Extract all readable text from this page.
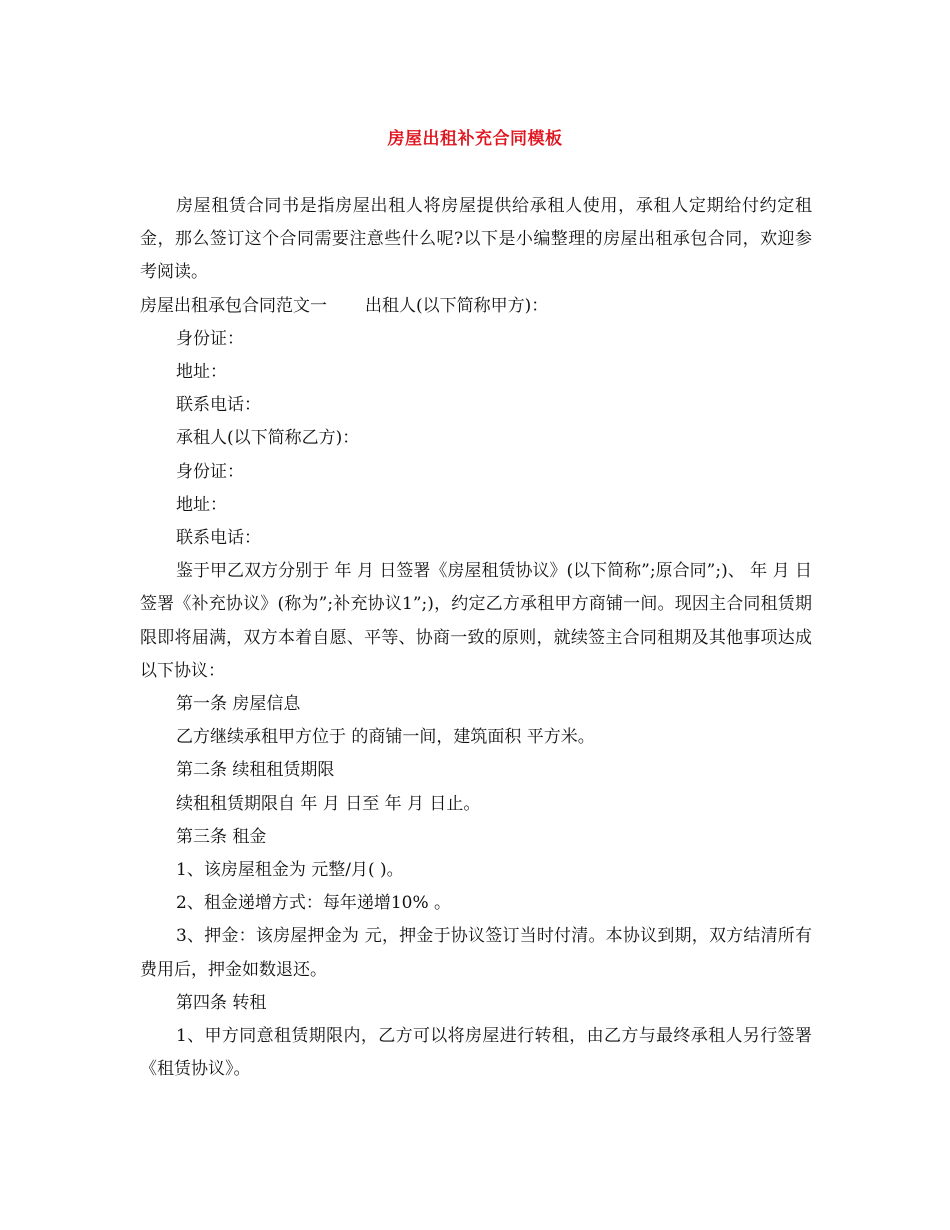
房屋出租补充合同模板

房屋租赁合同书是指房屋出租人将房屋提供给承租人使用，承租人定期给付约定租金，那么签订这个合同需要注意些什么呢?以下是小编整理的房屋出租承包合同，欢迎参考阅读。

房屋出租承包合同范文一 出租人(以下简称甲方)：

身份证：

地址：

联系电话：

承租人(以下简称乙方)：

身份证：

地址：

联系电话：

鉴于甲乙双方分别于 年 月 日签署《房屋租赁协议》(以下简称”;原合同”;)、 年 月 日签署《补充协议》(称为”;补充协议1”;)，约定乙方承租甲方商铺一间。现因主合同租赁期限即将届满，双方本着自愿、平等、协商一致的原则，就续签主合同租期及其他事项达成以下协议：

第一条 房屋信息

乙方继续承租甲方位于 的商铺一间，建筑面积 平方米。

第二条 续租租赁期限

续租租赁期限自 年 月 日至 年 月 日止。

第三条 租金

1、该房屋租金为 元整/月( )。

2、租金递增方式：每年递增10% 。

3、押金：该房屋押金为 元，押金于协议签订当时付清。本协议到期，双方结清所有费用后，押金如数退还。

第四条 转租

1、甲方同意租赁期限内，乙方可以将房屋进行转租，由乙方与最终承租人另行签署《租赁协议》。
